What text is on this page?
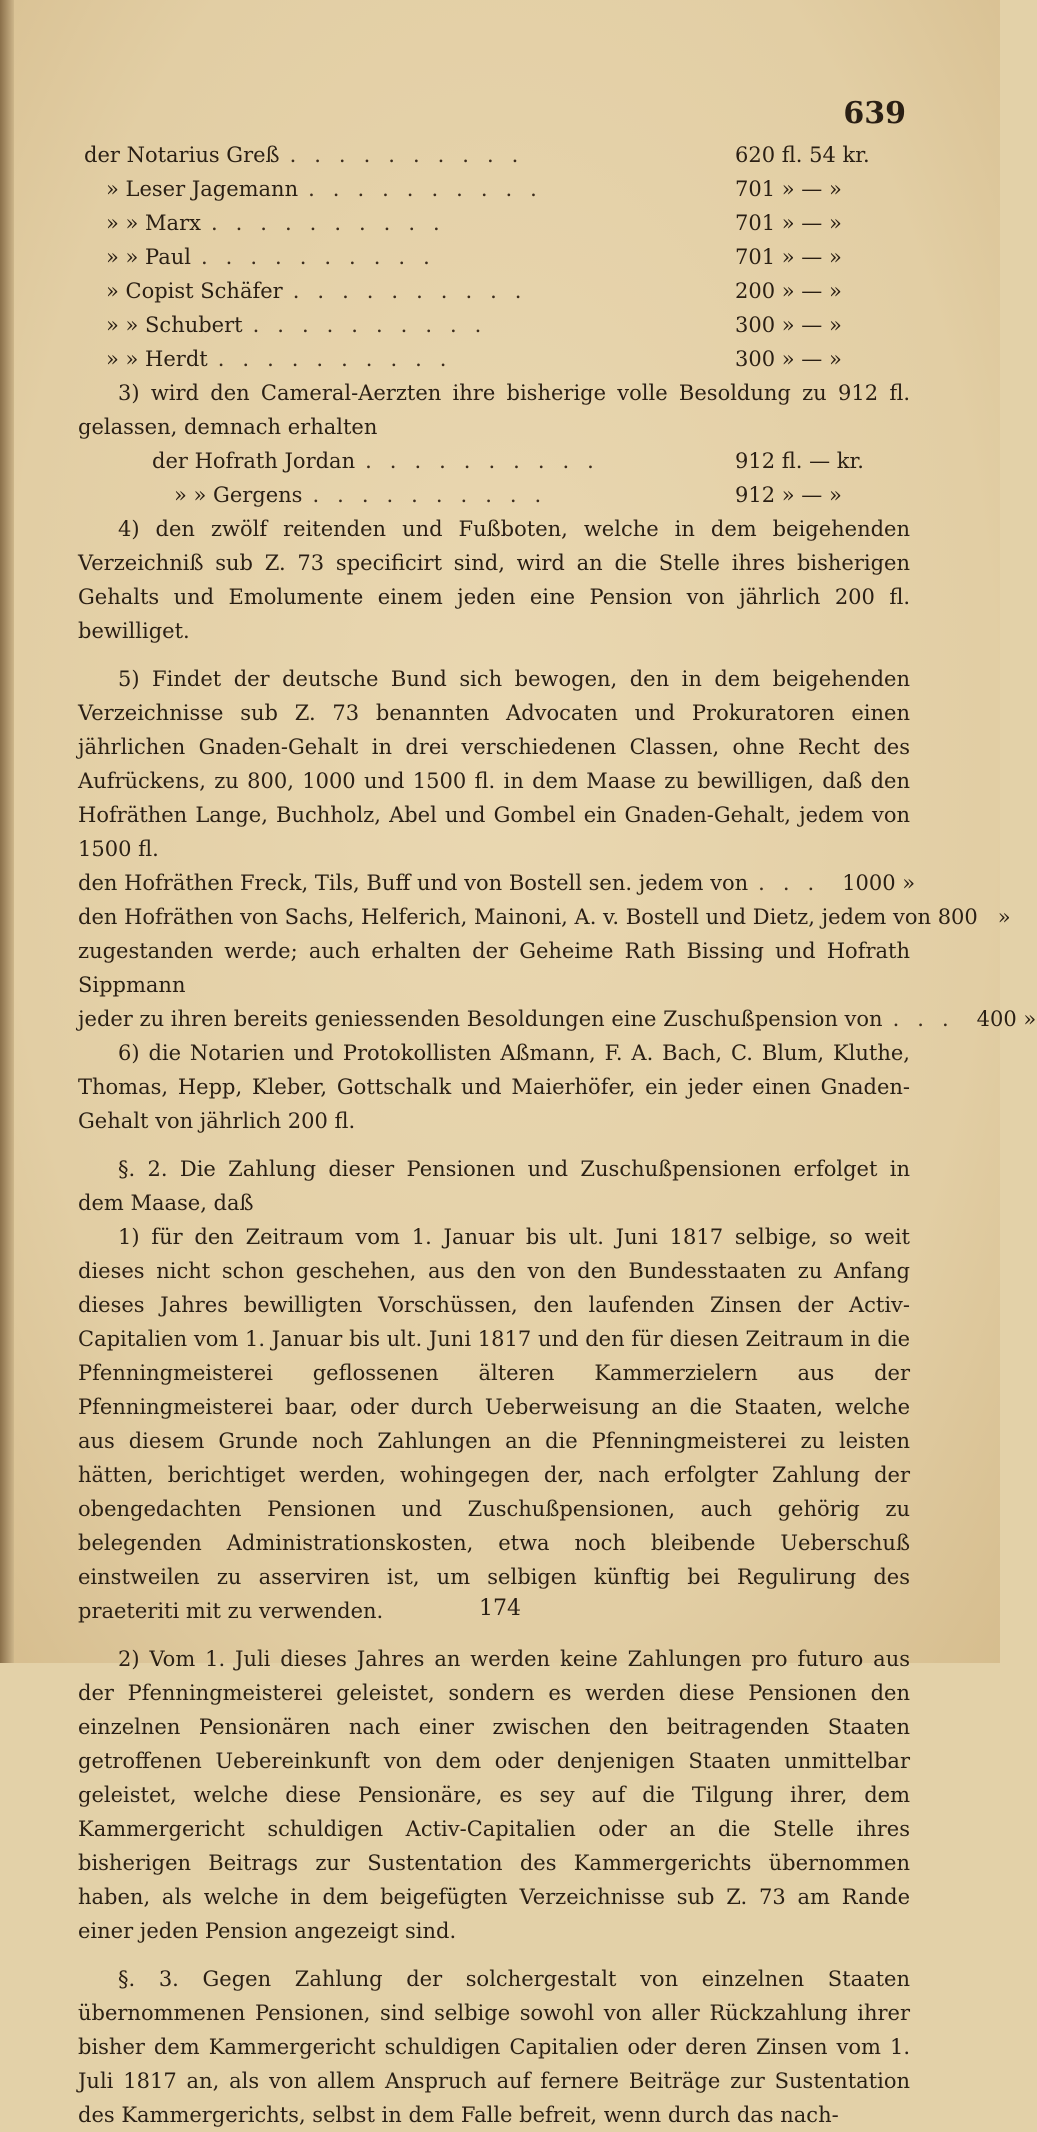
639
der Notarius Greß ..........	620 fl. 54 kr.
» Leser Jagemann ..........	701 » — »
» » Marx ..........	701 » — »
» » Paul ..........	701 » — »
» Copist Schäfer ..........	200 » — »
» » Schubert ..........	300 » — »
» » Herdt ..........	300 » — »

3) wird den Cameral-Aerzten ihre bisherige volle Besoldung zu 912 fl. gelassen, demnach erhalten

der Hofrath Jordan ..........	912 fl. — kr.
» » Gergens ..........	912 » — »

4) den zwölf reitenden und Fußboten, welche in dem beigehenden Verzeichniß sub Z. 73 specificirt sind, wird an die Stelle ihres bisherigen Gehalts und Emolumente einem jeden eine Pension von jährlich 200 fl. bewilliget.

5) Findet der deutsche Bund sich bewogen, den in dem beigehenden Verzeichnisse sub Z. 73 benannten Advocaten und Prokuratoren einen jährlichen Gnaden-Gehalt in drei verschiedenen Classen, ohne Recht des Aufrückens, zu 800, 1000 und 1500 fl. in dem Maase zu bewilligen, daß den Hofräthen Lange, Buchholz, Abel und Gombel ein Gnaden-Gehalt, jedem von 1500 fl.

den Hofräthen Freck, Tils, Buff und von Bostell sen. jedem von ... 1000 »
den Hofräthen von Sachs, Helferich, Mainoni, A. v. Bostell und Dietz, jedem von 800 »

zugestanden werde; auch erhalten der Geheime Rath Bissing und Hofrath Sippmann

jeder zu ihren bereits geniessenden Besoldungen eine Zuschußpension von ... 400 »

6) die Notarien und Protokollisten Aßmann, F. A. Bach, C. Blum, Kluthe, Thomas, Hepp, Kleber, Gottschalk und Maierhöfer, ein jeder einen Gnaden-Gehalt von jährlich 200 fl.

§. 2. Die Zahlung dieser Pensionen und Zuschußpensionen erfolget in dem Maase, daß

1) für den Zeitraum vom 1. Januar bis ult. Juni 1817 selbige, so weit dieses nicht schon geschehen, aus den von den Bundesstaaten zu Anfang dieses Jahres bewilligten Vorschüssen, den laufenden Zinsen der Activ-Capitalien vom 1. Januar bis ult. Juni 1817 und den für diesen Zeitraum in die Pfenningmeisterei geflossenen älteren Kammerzielern aus der Pfenningmeisterei baar, oder durch Ueberweisung an die Staaten, welche aus diesem Grunde noch Zahlungen an die Pfenningmeisterei zu leisten hätten, berichtiget werden, wohingegen der, nach erfolgter Zahlung der obengedachten Pensionen und Zuschußpensionen, auch gehörig zu belegenden Administrationskosten, etwa noch bleibende Ueberschuß einstweilen zu asserviren ist, um selbigen künftig bei Regulirung des praeteriti mit zu verwenden.

2) Vom 1. Juli dieses Jahres an werden keine Zahlungen pro futuro aus der Pfenningmeisterei geleistet, sondern es werden diese Pensionen den einzelnen Pensionären nach einer zwischen den beitragenden Staaten getroffenen Uebereinkunft von dem oder denjenigen Staaten unmittelbar geleistet, welche diese Pensionäre, es sey auf die Tilgung ihrer, dem Kammergericht schuldigen Activ-Capitalien oder an die Stelle ihres bisherigen Beitrags zur Sustentation des Kammergerichts übernommen haben, als welche in dem beigefügten Verzeichnisse sub Z. 73 am Rande einer jeden Pension angezeigt sind.

§. 3. Gegen Zahlung der solchergestalt von einzelnen Staaten übernommenen Pensionen, sind selbige sowohl von aller Rückzahlung ihrer bisher dem Kammergericht schuldigen Capitalien oder deren Zinsen vom 1. Juli 1817 an, als von allem Anspruch auf fernere Beiträge zur Sustentation des Kammergerichts, selbst in dem Falle befreit, wenn durch das nach-

174
